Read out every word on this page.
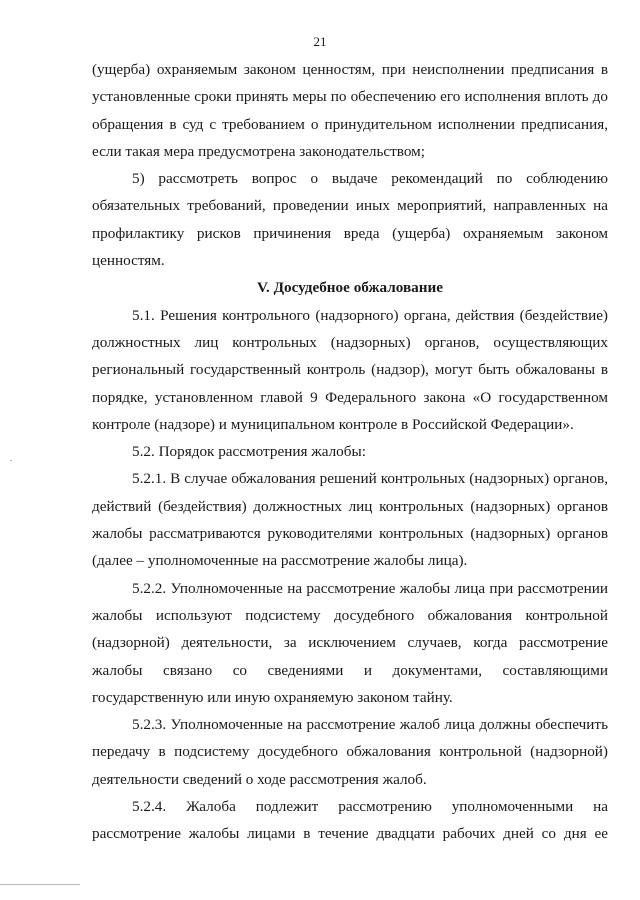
21

(ущерба) охраняемым законом ценностям, при неисполнении предписания в установленные сроки принять меры по обеспечению его исполнения вплоть до обращения в суд с требованием о принудительном исполнении предписания, если такая мера предусмотрена законодательством;

5) рассмотреть вопрос о выдаче рекомендаций по соблюдению обязательных требований, проведении иных мероприятий, направленных на профилактику рисков причинения вреда (ущерба) охраняемым законом ценностям.

V. Досудебное обжалование

5.1. Решения контрольного (надзорного) органа, действия (бездействие) должностных лиц контрольных (надзорных) органов, осуществляющих региональный государственный контроль (надзор), могут быть обжалованы в порядке, установленном главой 9 Федерального закона «О государственном контроле (надзоре) и муниципальном контроле в Российской Федерации».

5.2. Порядок рассмотрения жалобы:

5.2.1. В случае обжалования решений контрольных (надзорных) органов, действий (бездействия) должностных лиц контрольных (надзорных) органов жалобы рассматриваются руководителями контрольных (надзорных) органов (далее – уполномоченные на рассмотрение жалобы лица).

5.2.2. Уполномоченные на рассмотрение жалобы лица при рассмотрении жалобы используют подсистему досудебного обжалования контрольной (надзорной) деятельности, за исключением случаев, когда рассмотрение жалобы связано со сведениями и документами, составляющими государственную или иную охраняемую законом тайну.

5.2.3. Уполномоченные на рассмотрение жалоб лица должны обеспечить передачу в подсистему досудебного обжалования контрольной (надзорной) деятельности сведений о ходе рассмотрения жалоб.

5.2.4. Жалоба подлежит рассмотрению уполномоченными на рассмотрение жалобы лицами в течение двадцати рабочих дней со дня ее
